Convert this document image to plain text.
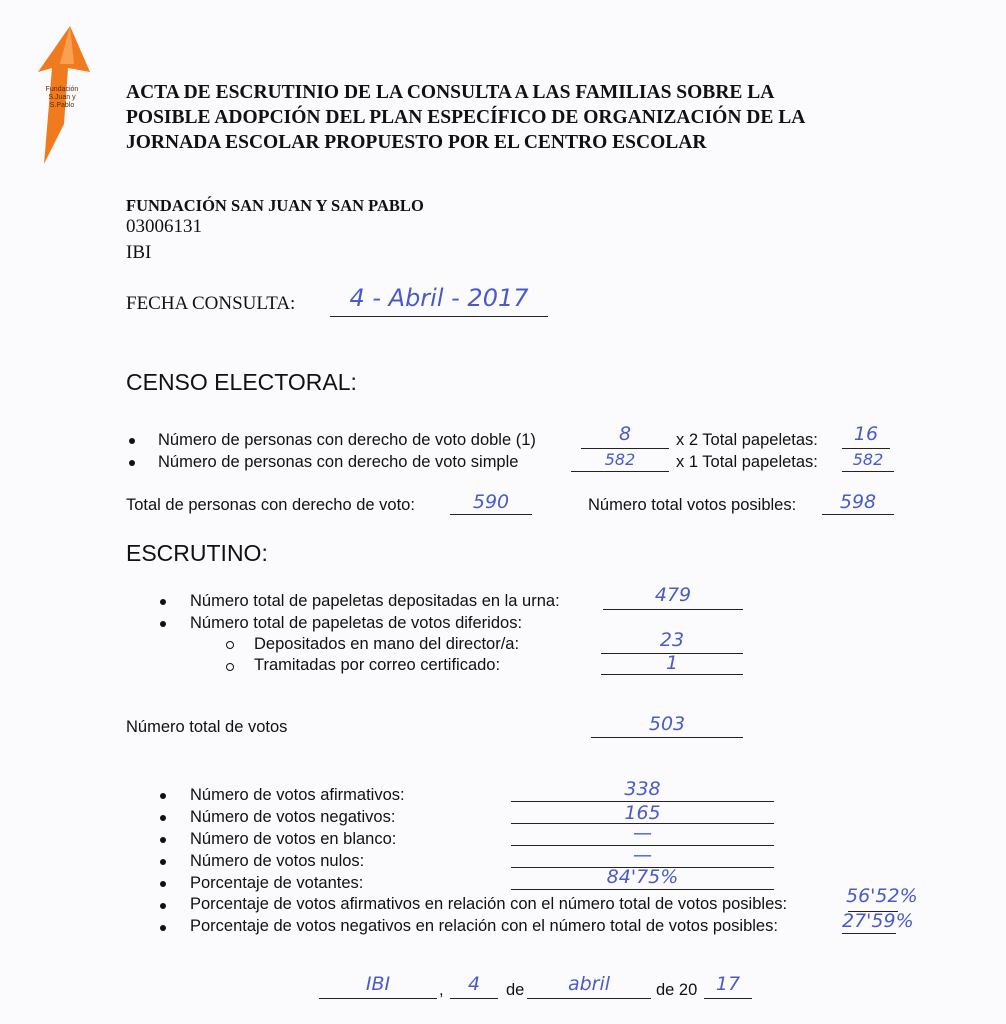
Fundación
S.Juan y
S.Pablo
ACTA DE ESCRUTINIO DE LA CONSULTA A LAS FAMILIAS SOBRE LA
POSIBLE ADOPCIÓN DEL PLAN ESPECÍFICO DE ORGANIZACIÓN DE LA
JORNADA ESCOLAR PROPUESTO POR EL CENTRO ESCOLAR
FUNDACIÓN SAN JUAN Y SAN PABLO
03006131
IBI
FECHA CONSULTA:	4 - Abril - 2017
CENSO ELECTORAL:
Número de personas con derecho de voto doble (1)	8	x 2 Total papeletas:	16
Número de personas con derecho de voto simple	582	x 1 Total papeletas:	582
Total de personas con derecho de voto:	590	Número total votos posibles:	598
ESCRUTINO:
Número total de papeletas depositadas en la urna:	479
Número total de papeletas de votos diferidos:
Depositados en mano del director/a:	23
Tramitadas por correo certificado:	1
Número total de votos	503
Número de votos afirmativos:	338
Número de votos negativos:	165
Número de votos en blanco:	—
Número de votos nulos:	—
Porcentaje de votantes:	84'75%
Porcentaje de votos afirmativos en relación con el número total de votos posibles:	56'52%
Porcentaje de votos negativos en relación con el número total de votos posibles:	27'59%
IBI	,	4	de	abril	de 20 17
